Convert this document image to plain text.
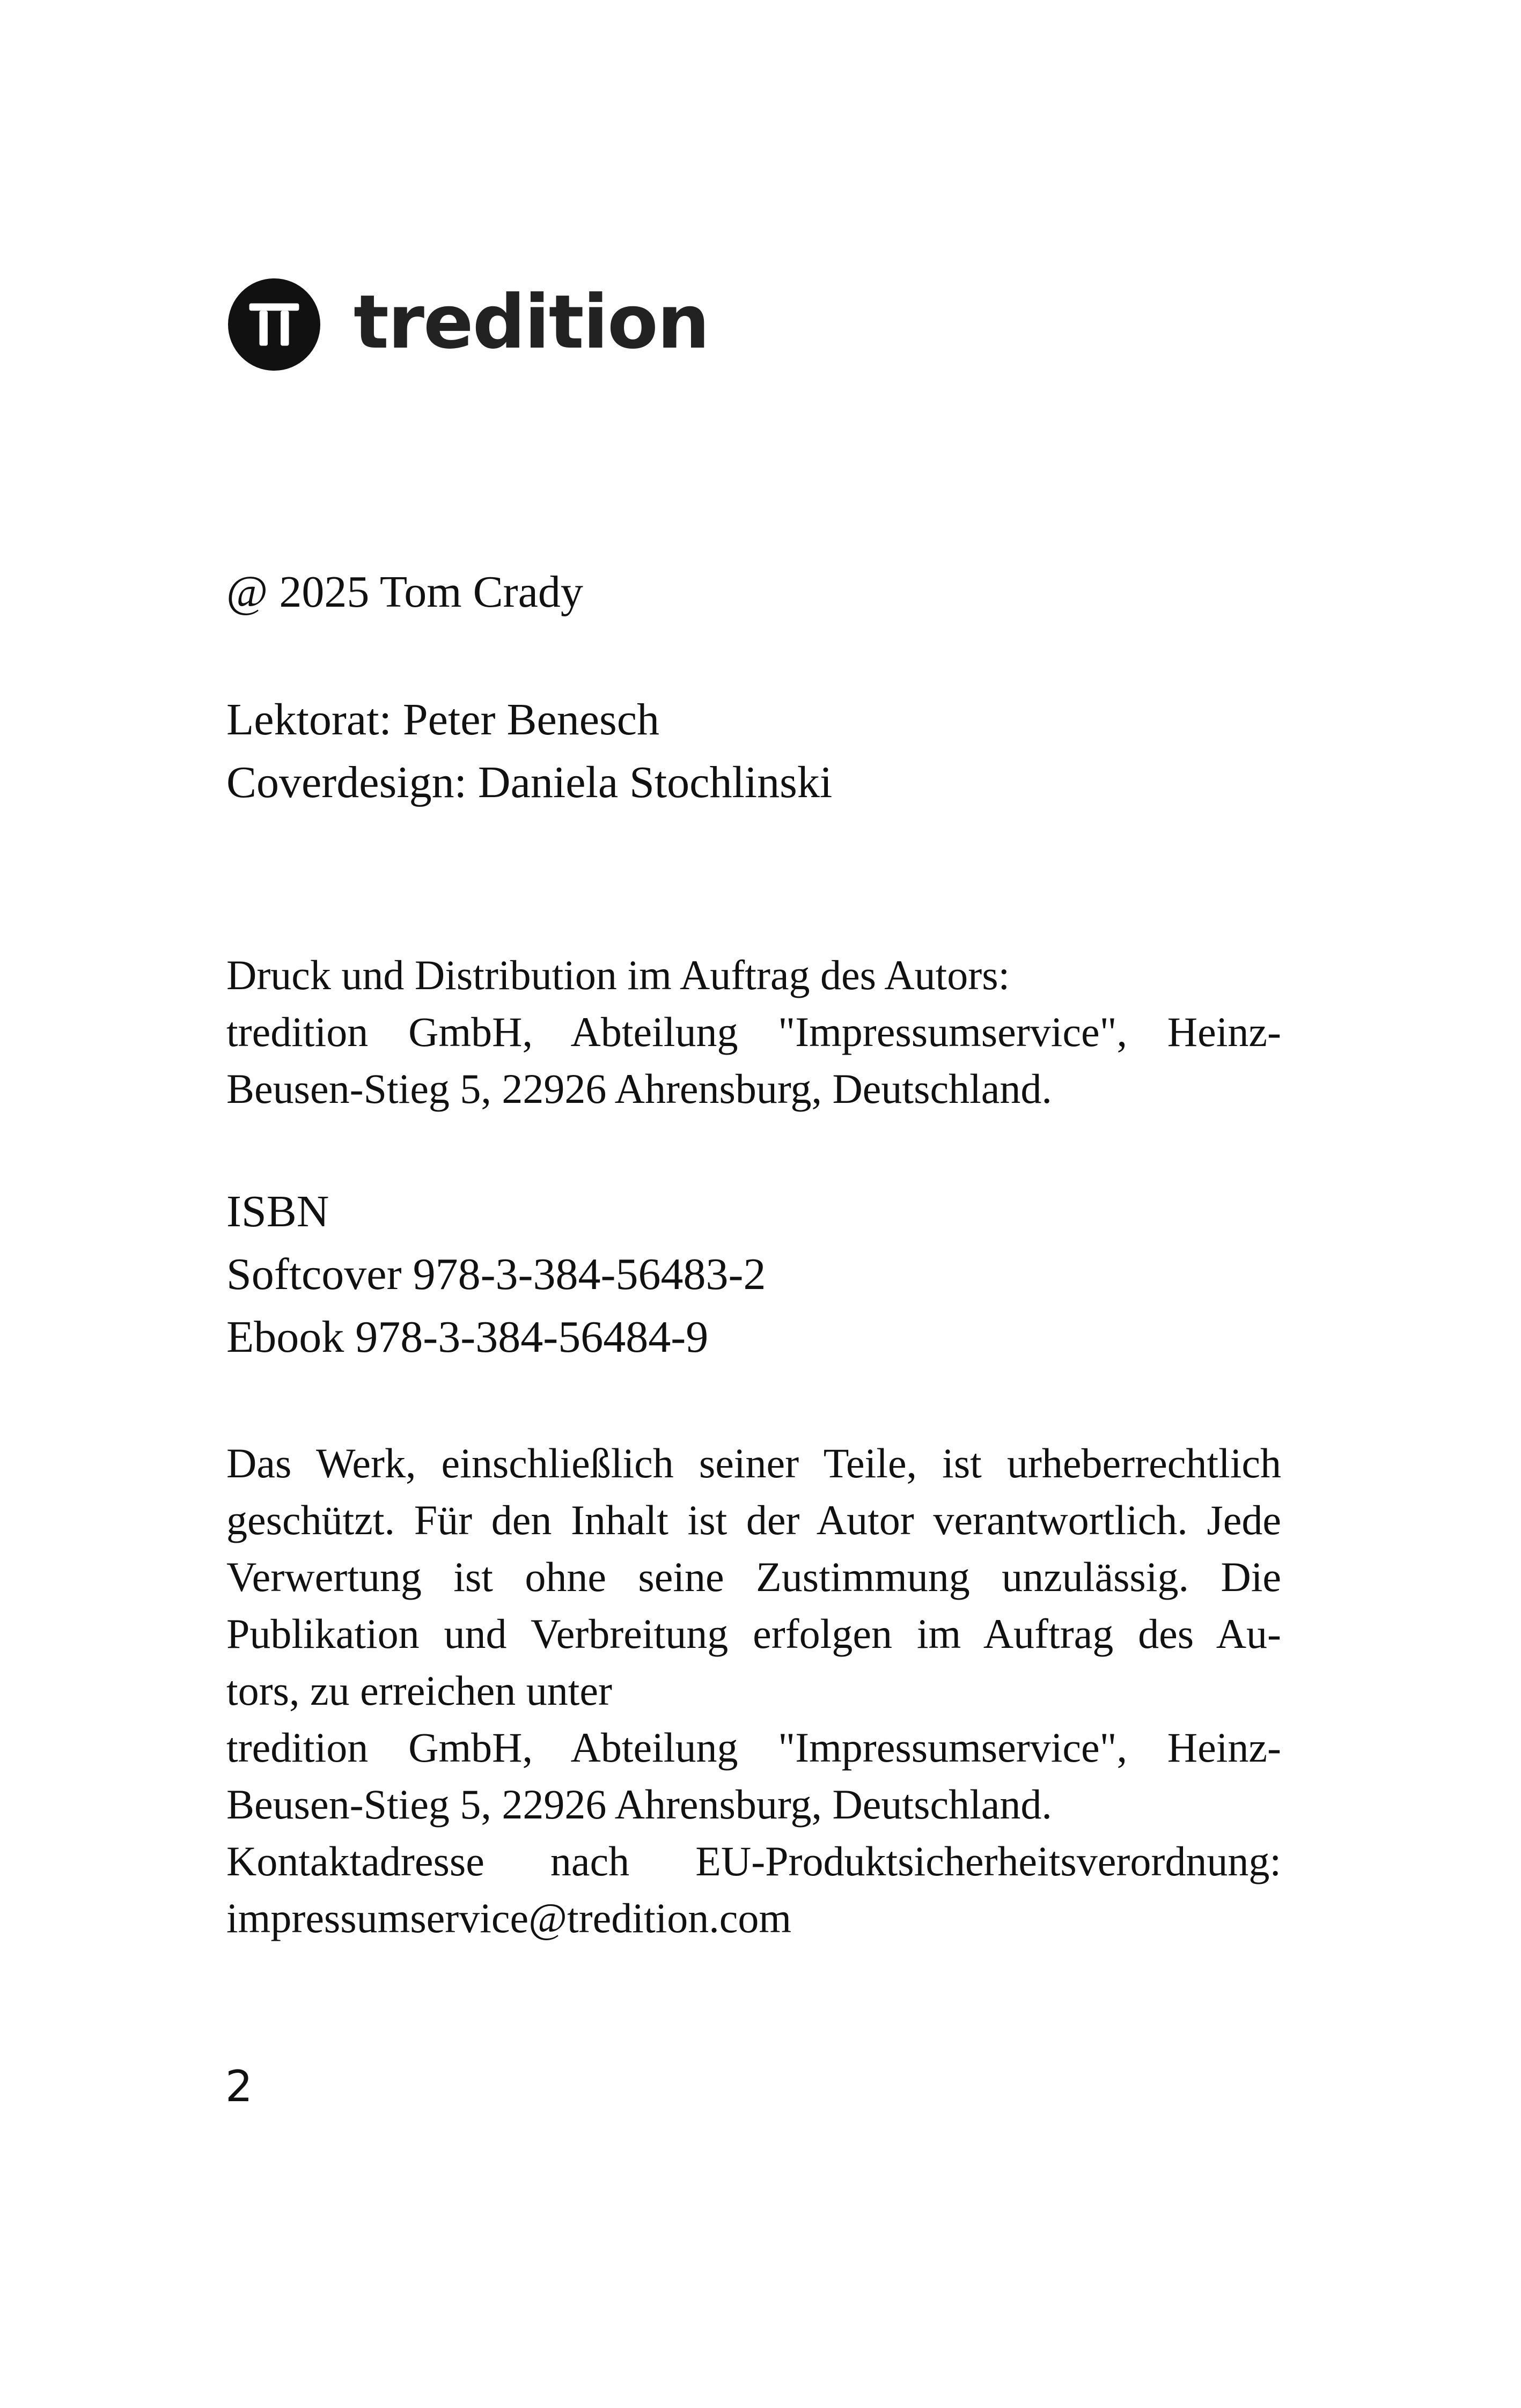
tredition

@ 2025 Tom Crady

Lektorat: Peter Benesch
Coverdesign: Daniela Stochlinski
Druck und Distribution im Auftrag des Autors:
tredition GmbH, Abteilung "Impressumservice", Heinz-
Beusen-Stieg 5, 22926 Ahrensburg, Deutschland.
ISBN
Softcover 978-3-384-56483-2
Ebook 978-3-384-56484-9
Das Werk, einschließlich seiner Teile, ist urheberrechtlich
geschützt. Für den Inhalt ist der Autor verantwortlich. Jede
Verwertung ist ohne seine Zustimmung unzulässig. Die
Publikation und Verbreitung erfolgen im Auftrag des Au-
tors, zu erreichen unter
tredition GmbH, Abteilung "Impressumservice", Heinz-
Beusen-Stieg 5, 22926 Ahrensburg, Deutschland.
Kontaktadresse nach EU-Produktsicherheitsverordnung:
impressumservice@tredition.com
2
